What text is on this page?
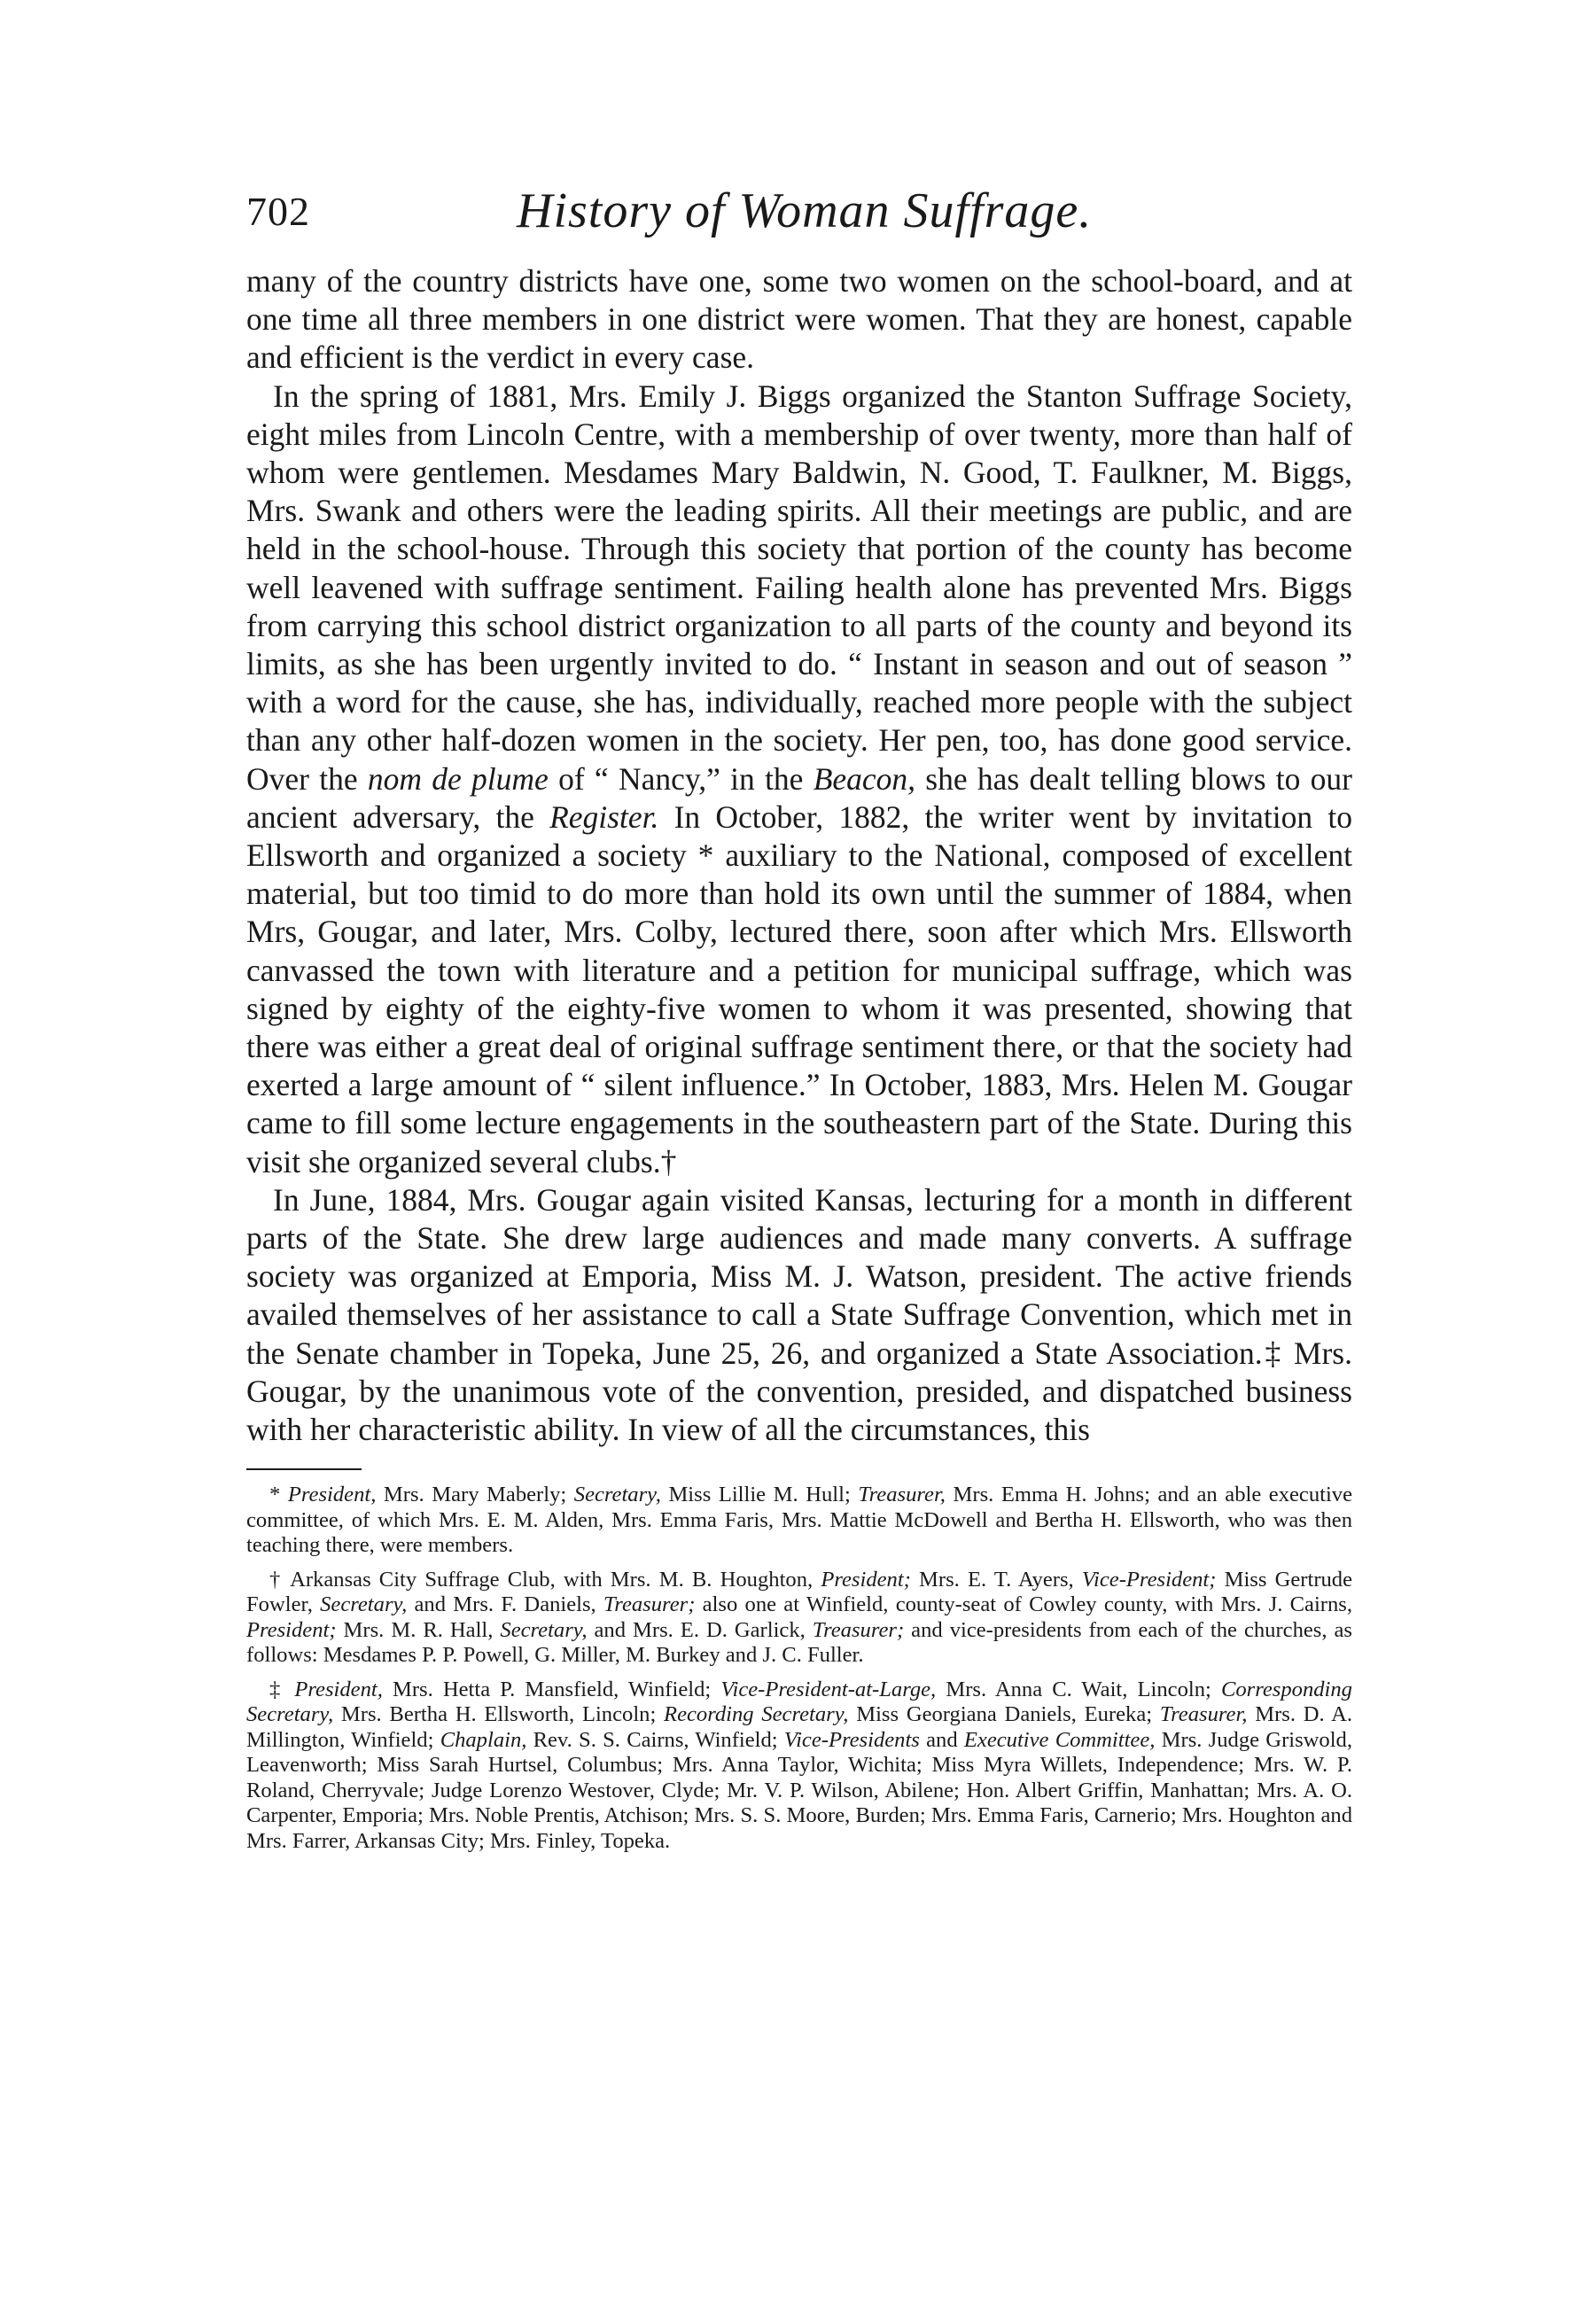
702	History of Woman Suffrage.

many of the country districts have one, some two women on the school-board, and at one time all three members in one district were women. That they are honest, capable and efficient is the verdict in every case.

In the spring of 1881, Mrs. Emily J. Biggs organized the Stanton Suffrage Society, eight miles from Lincoln Centre, with a membership of over twenty, more than half of whom were gentlemen. Mesdames Mary Baldwin, N. Good, T. Faulkner, M. Biggs, Mrs. Swank and others were the leading spirits. All their meetings are public, and are held in the school-house. Through this society that portion of the county has become well leavened with suffrage sentiment. Failing health alone has prevented Mrs. Biggs from carrying this school district organization to all parts of the county and beyond its limits, as she has been urgently invited to do. “ Instant in season and out of season ” with a word for the cause, she has, individually, reached more people with the subject than any other half-dozen women in the society. Her pen, too, has done good service. Over the nom de plume of “ Nancy,” in the Beacon, she has dealt telling blows to our ancient adversary, the Register. In October, 1882, the writer went by invitation to Ellsworth and organized a society * auxiliary to the National, composed of excellent material, but too timid to do more than hold its own until the summer of 1884, when Mrs, Gougar, and later, Mrs. Colby, lectured there, soon after which Mrs. Ellsworth canvassed the town with literature and a petition for municipal suffrage, which was signed by eighty of the eighty-five women to whom it was presented, showing that there was either a great deal of original suffrage sentiment there, or that the society had exerted a large amount of “ silent influence.” In October, 1883, Mrs. Helen M. Gougar came to fill some lecture engagements in the southeastern part of the State. During this visit she organized several clubs.†

In June, 1884, Mrs. Gougar again visited Kansas, lecturing for a month in different parts of the State. She drew large audiences and made many converts. A suffrage society was organized at Emporia, Miss M. J. Watson, president. The active friends availed themselves of her assistance to call a State Suffrage Convention, which met in the Senate chamber in Topeka, June 25, 26, and organized a State Association.‡ Mrs. Gougar, by the unanimous vote of the convention, presided, and dispatched business with her characteristic ability. In view of all the circumstances, this

* President, Mrs. Mary Maberly; Secretary, Miss Lillie M. Hull; Treasurer, Mrs. Emma H. Johns; and an able executive committee, of which Mrs. E. M. Alden, Mrs. Emma Faris, Mrs. Mattie McDowell and Bertha H. Ellsworth, who was then teaching there, were members.

† Arkansas City Suffrage Club, with Mrs. M. B. Houghton, President; Mrs. E. T. Ayers, Vice-President; Miss Gertrude Fowler, Secretary, and Mrs. F. Daniels, Treasurer; also one at Winfield, county-seat of Cowley county, with Mrs. J. Cairns, President; Mrs. M. R. Hall, Secretary, and Mrs. E. D. Garlick, Treasurer; and vice-presidents from each of the churches, as follows: Mesdames P. P. Powell, G. Miller, M. Burkey and J. C. Fuller.

‡ President, Mrs. Hetta P. Mansfield, Winfield; Vice-President-at-Large, Mrs. Anna C. Wait, Lincoln; Corresponding Secretary, Mrs. Bertha H. Ellsworth, Lincoln; Recording Secretary, Miss Georgiana Daniels, Eureka; Treasurer, Mrs. D. A. Millington, Winfield; Chaplain, Rev. S. S. Cairns, Winfield; Vice-Presidents and Executive Committee, Mrs. Judge Griswold, Leavenworth; Miss Sarah Hurtsel, Columbus; Mrs. Anna Taylor, Wichita; Miss Myra Willets, Independence; Mrs. W. P. Roland, Cherryvale; Judge Lorenzo Westover, Clyde; Mr. V. P. Wilson, Abilene; Hon. Albert Griffin, Manhattan; Mrs. A. O. Carpenter, Emporia; Mrs. Noble Prentis, Atchison; Mrs. S. S. Moore, Burden; Mrs. Emma Faris, Carnerio; Mrs. Houghton and Mrs. Farrer, Arkansas City; Mrs. Finley, Topeka.
